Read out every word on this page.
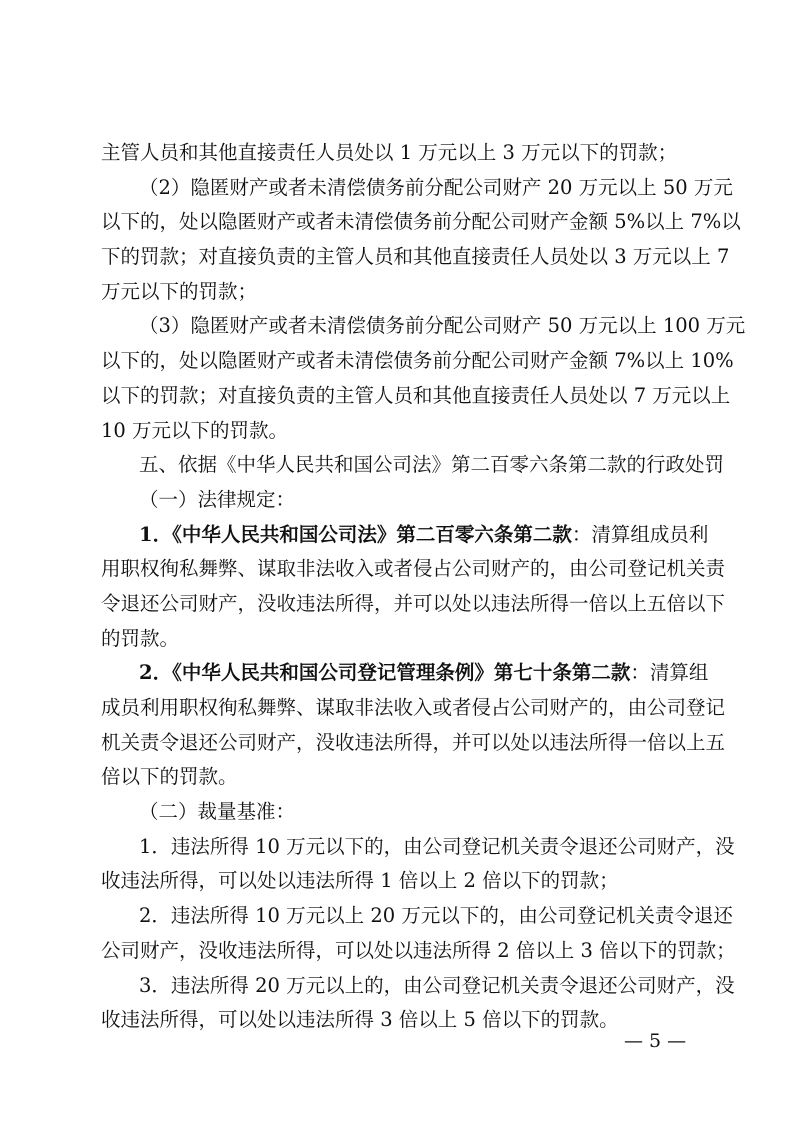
主管人员和其他直接责任人员处以 1 万元以上 3 万元以下的罚款；
（2）隐匿财产或者未清偿债务前分配公司财产 20 万元以上 50 万元
以下的，处以隐匿财产或者未清偿债务前分配公司财产金额 5%以上 7%以
下的罚款；对直接负责的主管人员和其他直接责任人员处以 3 万元以上 7
万元以下的罚款；
（3）隐匿财产或者未清偿债务前分配公司财产 50 万元以上 100 万元
以下的，处以隐匿财产或者未清偿债务前分配公司财产金额 7%以上 10%
以下的罚款；对直接负责的主管人员和其他直接责任人员处以 7 万元以上
10 万元以下的罚款。
五、依据《中华人民共和国公司法》第二百零六条第二款的行政处罚
（一）法律规定：
1．《中华人民共和国公司法》第二百零六条第二款：清算组成员利
用职权徇私舞弊、谋取非法收入或者侵占公司财产的，由公司登记机关责
令退还公司财产，没收违法所得，并可以处以违法所得一倍以上五倍以下
的罚款。
2．《中华人民共和国公司登记管理条例》第七十条第二款：清算组
成员利用职权徇私舞弊、谋取非法收入或者侵占公司财产的，由公司登记
机关责令退还公司财产，没收违法所得，并可以处以违法所得一倍以上五
倍以下的罚款。
（二）裁量基准：
1．违法所得 10 万元以下的，由公司登记机关责令退还公司财产，没
收违法所得，可以处以违法所得 1 倍以上 2 倍以下的罚款；
2．违法所得 10 万元以上 20 万元以下的，由公司登记机关责令退还
公司财产，没收违法所得，可以处以违法所得 2 倍以上 3 倍以下的罚款；
3．违法所得 20 万元以上的，由公司登记机关责令退还公司财产，没
收违法所得，可以处以违法所得 3 倍以上 5 倍以下的罚款。
— 5 —
